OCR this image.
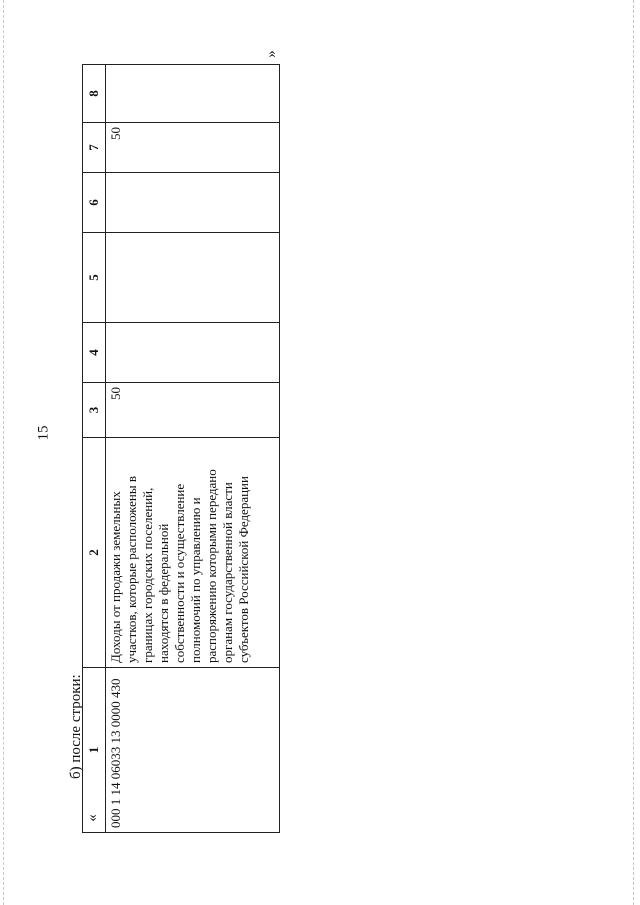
15
б) после строки:
«
»
1	2	3	4	5	6	7	8
000 1 14 06033 13 0000 430	Доходы от продажи земельных участков, которые расположены в границах городских поселений, находятся в федеральной собственности и осуществление полномочий по управлению и распоряжению которыми передано органам государственной власти субъектов Российской Федерации	50				50	
